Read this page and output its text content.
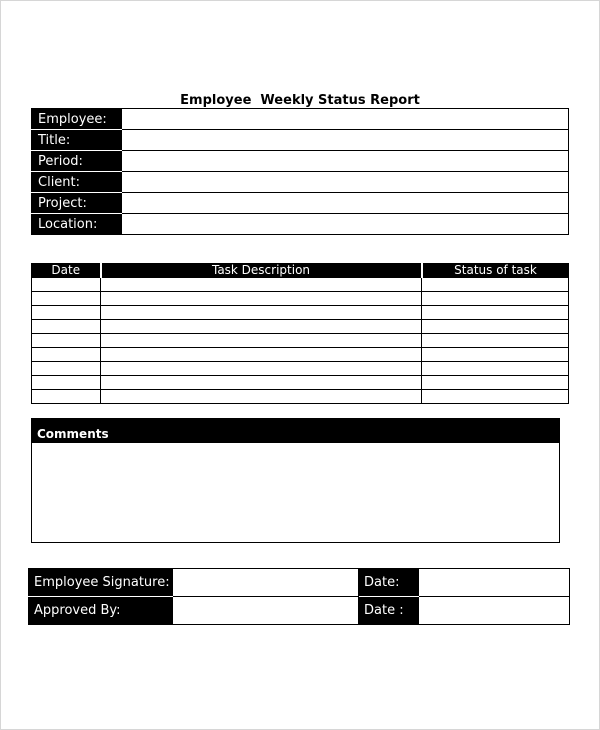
Employee  Weekly Status Report
Employee:	
Title:	
Period:	
Client:	
Project:	
Location:	
Date	Task Description	Status of task

Comments
Employee Signature:		Date:	
Approved By:		Date :	
